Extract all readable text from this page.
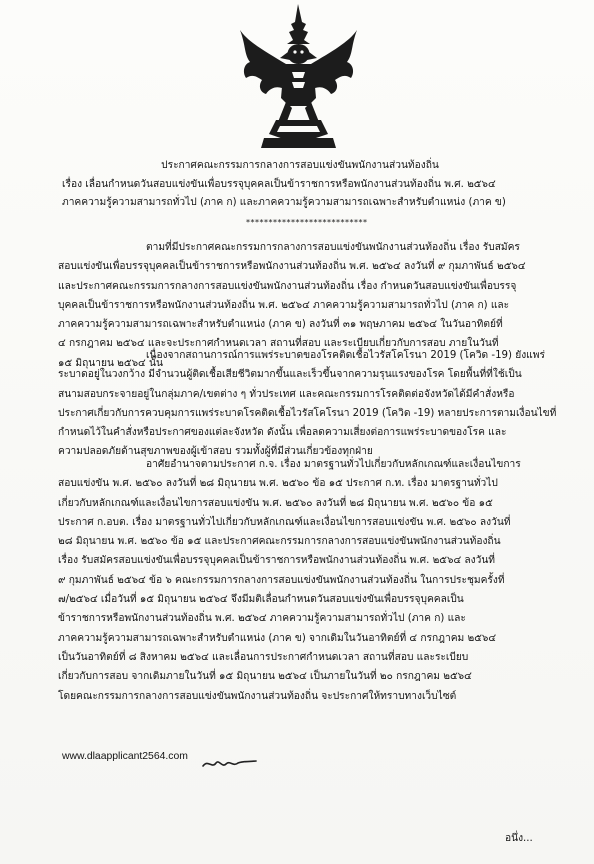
ประกาศคณะกรรมการกลางการสอบแข่งขันพนักงานส่วนท้องถิ่น
เรื่อง เลื่อนกำหนดวันสอบแข่งขันเพื่อบรรจุบุคคลเป็นข้าราชการหรือพนักงานส่วนท้องถิ่น พ.ศ. ๒๕๖๔
ภาคความรู้ความสามารถทั่วไป (ภาค ก) และภาคความรู้ความสามารถเฉพาะสำหรับตำแหน่ง (ภาค ข)
***************************
ตามที่มีประกาศคณะกรรมการกลางการสอบแข่งขันพนักงานส่วนท้องถิ่น เรื่อง รับสมัคร
สอบแข่งขันเพื่อบรรจุบุคคลเป็นข้าราชการหรือพนักงานส่วนท้องถิ่น พ.ศ. ๒๕๖๔ ลงวันที่ ๙ กุมภาพันธ์ ๒๕๖๔
และประกาศคณะกรรมการกลางการสอบแข่งขันพนักงานส่วนท้องถิ่น เรื่อง กำหนดวันสอบแข่งขันเพื่อบรรจุ
บุคคลเป็นข้าราชการหรือพนักงานส่วนท้องถิ่น พ.ศ. ๒๕๖๔ ภาคความรู้ความสามารถทั่วไป (ภาค ก) และ
ภาคความรู้ความสามารถเฉพาะสำหรับตำแหน่ง (ภาค ข) ลงวันที่ ๓๑ พฤษภาคม ๒๕๖๔ ในวันอาทิตย์ที่
๔ กรกฎาคม ๒๕๖๔ และจะประกาศกำหนดเวลา สถานที่สอบ และระเบียบเกี่ยวกับการสอบ ภายในวันที่
๑๕ มิถุนายน ๒๕๖๔ นั้น
เนื่องจากสถานการณ์การแพร่ระบาดของโรคติดเชื้อไวรัสโคโรนา 2019 (โควิด -19) ยังแพร่
ระบาดอยู่ในวงกว้าง มีจำนวนผู้ติดเชื้อเสียชีวิตมากขึ้นและเร็วขึ้นจากความรุนแรงของโรค โดยพื้นที่ที่ใช้เป็น
สนามสอบกระจายอยู่ในกลุ่มภาค/เขตต่าง ๆ ทั่วประเทศ และคณะกรรมการโรคติดต่อจังหวัดได้มีคำสั่งหรือ
ประกาศเกี่ยวกับการควบคุมการแพร่ระบาดโรคติดเชื้อไวรัสโคโรนา 2019 (โควิด -19) หลายประการตามเงื่อนไขที่
กำหนดไว้ในคำสั่งหรือประกาศของแต่ละจังหวัด ดังนั้น เพื่อลดความเสี่ยงต่อการแพร่ระบาดของโรค และ
ความปลอดภัยด้านสุขภาพของผู้เข้าสอบ รวมทั้งผู้ที่มีส่วนเกี่ยวข้องทุกฝ่าย
อาศัยอำนาจตามประกาศ ก.จ. เรื่อง มาตรฐานทั่วไปเกี่ยวกับหลักเกณฑ์และเงื่อนไขการ
สอบแข่งขัน พ.ศ. ๒๕๖๐ ลงวันที่ ๒๘ มิถุนายน พ.ศ. ๒๕๖๐ ข้อ ๑๕ ประกาศ ก.ท. เรื่อง มาตรฐานทั่วไป
เกี่ยวกับหลักเกณฑ์และเงื่อนไขการสอบแข่งขัน พ.ศ. ๒๕๖๐ ลงวันที่ ๒๘ มิถุนายน พ.ศ. ๒๕๖๐ ข้อ ๑๕
ประกาศ ก.อบต. เรื่อง มาตรฐานทั่วไปเกี่ยวกับหลักเกณฑ์และเงื่อนไขการสอบแข่งขัน พ.ศ. ๒๕๖๐ ลงวันที่
๒๘ มิถุนายน พ.ศ. ๒๕๖๐ ข้อ ๑๕ และประกาศคณะกรรมการกลางการสอบแข่งขันพนักงานส่วนท้องถิ่น
เรื่อง รับสมัครสอบแข่งขันเพื่อบรรจุบุคคลเป็นข้าราชการหรือพนักงานส่วนท้องถิ่น พ.ศ. ๒๕๖๔ ลงวันที่
๙ กุมภาพันธ์ ๒๕๖๔ ข้อ ๖ คณะกรรมการกลางการสอบแข่งขันพนักงานส่วนท้องถิ่น ในการประชุมครั้งที่
๗/๒๕๖๔ เมื่อวันที่ ๑๕ มิถุนายน ๒๕๖๔ จึงมีมติเลื่อนกำหนดวันสอบแข่งขันเพื่อบรรจุบุคคลเป็น
ข้าราชการหรือพนักงานส่วนท้องถิ่น พ.ศ. ๒๕๖๔ ภาคความรู้ความสามารถทั่วไป (ภาค ก) และ
ภาคความรู้ความสามารถเฉพาะสำหรับตำแหน่ง (ภาค ข) จากเดิมในวันอาทิตย์ที่ ๔ กรกฎาคม ๒๕๖๔
เป็นวันอาทิตย์ที่ ๘ สิงหาคม ๒๕๖๔ และเลื่อนการประกาศกำหนดเวลา สถานที่สอบ และระเบียบ
เกี่ยวกับการสอบ จากเดิมภายในวันที่ ๑๕ มิถุนายน ๒๕๖๔ เป็นภายในวันที่ ๒๐ กรกฎาคม ๒๕๖๔
โดยคณะกรรมการกลางการสอบแข่งขันพนักงานส่วนท้องถิ่น จะประกาศให้ทราบทางเว็บไซต์
www.dlaapplicant2564.com
อนึ่ง...
